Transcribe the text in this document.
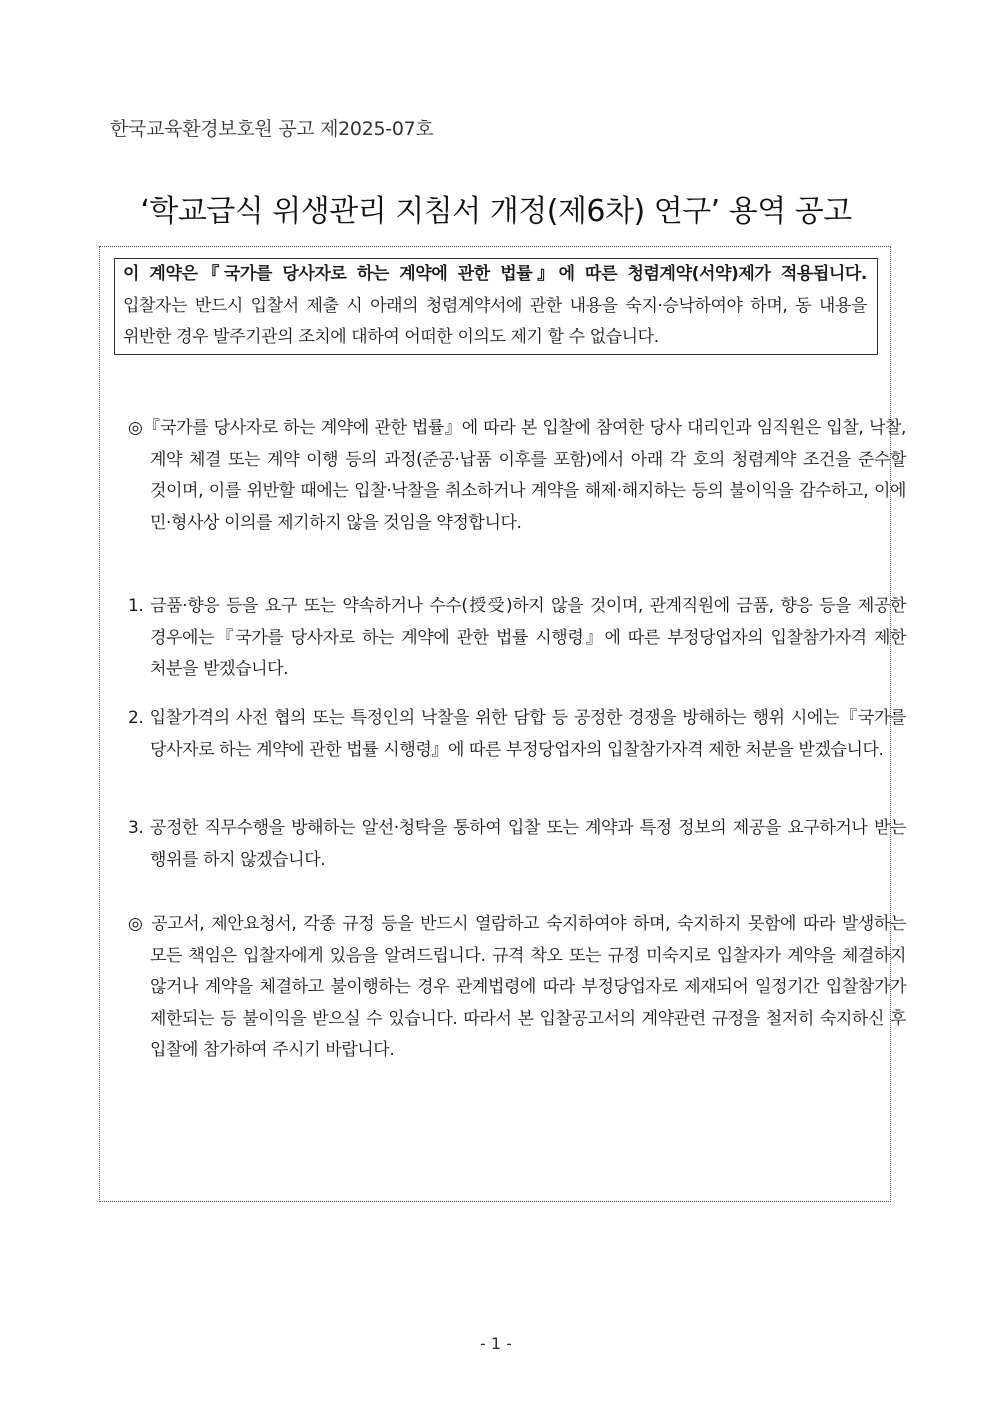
한국교육환경보호원 공고 제2025-07호
‘학교급식 위생관리 지침서 개정(제6차) 연구’ 용역 공고
이 계약은『국가를 당사자로 하는 계약에 관한 법률』에 따른 청렴계약(서약)제가 적용됩니다. 입찰자는 반드시 입찰서 제출 시 아래의 청렴계약서에 관한 내용을 숙지·승낙하여야 하며, 동 내용을 위반한 경우 발주기관의 조치에 대하여 어떠한 이의도 제기 할 수 없습니다.
◎『국가를 당사자로 하는 계약에 관한 법률』에 따라 본 입찰에 참여한 당사 대리인과 임직원은 입찰, 낙찰, 계약 체결 또는 계약 이행 등의 과정(준공·납품 이후를 포함)에서 아래 각 호의 청렴계약 조건을 준수할 것이며, 이를 위반할 때에는 입찰·낙찰을 취소하거나 계약을 해제·해지하는 등의 불이익을 감수하고, 이에 민·형사상 이의를 제기하지 않을 것임을 약정합니다.
1. 금품·향응 등을 요구 또는 약속하거나 수수(授受)하지 않을 것이며, 관계직원에 금품, 향응 등을 제공한 경우에는『국가를 당사자로 하는 계약에 관한 법률 시행령』에 따른 부정당업자의 입찰참가자격 제한 처분을 받겠습니다.
2. 입찰가격의 사전 협의 또는 특정인의 낙찰을 위한 담합 등 공정한 경쟁을 방해하는 행위 시에는『국가를 당사자로 하는 계약에 관한 법률 시행령』에 따른 부정당업자의 입찰참가자격 제한 처분을 받겠습니다.
3. 공정한 직무수행을 방해하는 알선·청탁을 통하여 입찰 또는 계약과 특정 정보의 제공을 요구하거나 받는 행위를 하지 않겠습니다.
◎ 공고서, 제안요청서, 각종 규정 등을 반드시 열람하고 숙지하여야 하며, 숙지하지 못함에 따라 발생하는 모든 책임은 입찰자에게 있음을 알려드립니다. 규격 착오 또는 규정 미숙지로 입찰자가 계약을 체결하지 않거나 계약을 체결하고 불이행하는 경우 관계법령에 따라 부정당업자로 제재되어 일정기간 입찰참가가 제한되는 등 불이익을 받으실 수 있습니다. 따라서 본 입찰공고서의 계약관련 규정을 철저히 숙지하신 후 입찰에 참가하여 주시기 바랍니다.
- 1 -
